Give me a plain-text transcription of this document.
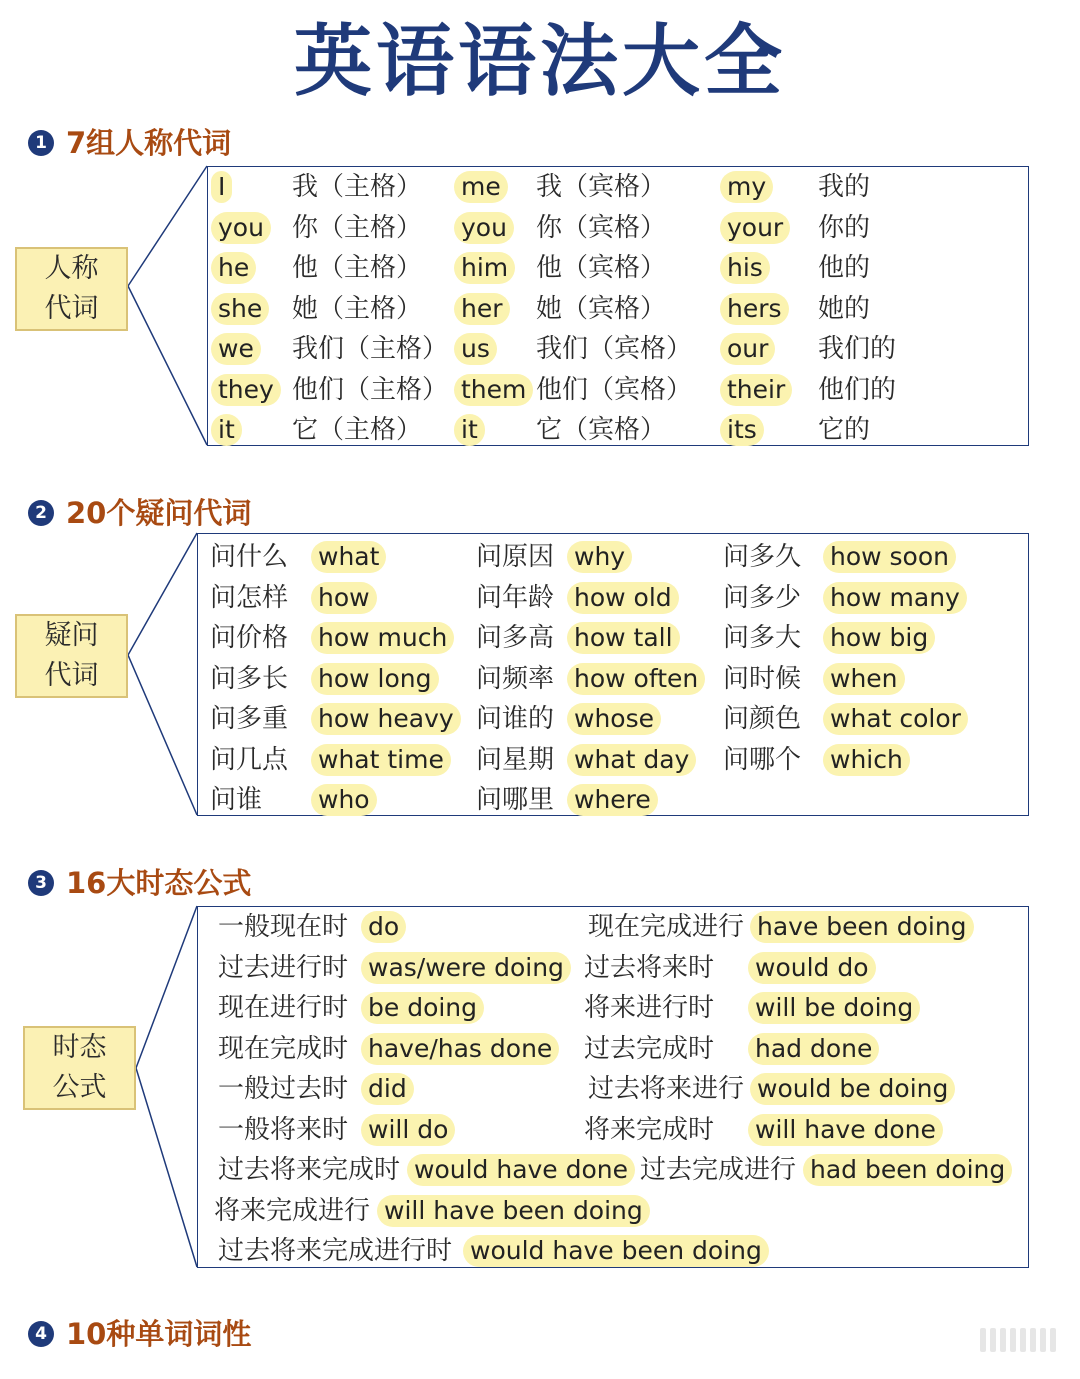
英语语法大全
1 7组人称代词
2 20个疑问代词
3 16大时态公式
4 10种单词词性
人称
代词
疑问
代词
时态
公式
I	我（主格） me 我（宾格） my 我的
you 你（主格） you 你（宾格） your 你的
he 他（主格） him 他（宾格） his 他的
she 她（主格） her 她（宾格） hers 她的
we 我们（主格） us 我们（宾格） our 我们的
they 他们（主格） them 他们（宾格） their 他们的
it 它（主格） it 它（宾格） its 它的
问什么 what	问原因 why	问多久 how soon
问怎样 how	问年龄 how old 问多少 how many
问价格 how much 问多高 how tall 问多大 how big
问多长 how long 问频率 how often 问时候 when
问多重 how heavy 问谁的 whose	问颜色 what color
问几点 what time 问星期 what day 问哪个 which
问谁 who	问哪里 where
一般现在时 do	现在完成进行 have been doing
过去进行时 was/were doing 过去将来时 would do
现在进行时 be doing	将来进行时 will be doing
现在完成时 have/has done 过去完成时 had done
一般过去时 did	过去将来进行 would be doing
一般将来时 will do	将来完成时 will have done
过去将来完成时 would have done 过去完成进行 had been doing
将来完成进行 will have been doing
过去将来完成进行时 would have been doing
